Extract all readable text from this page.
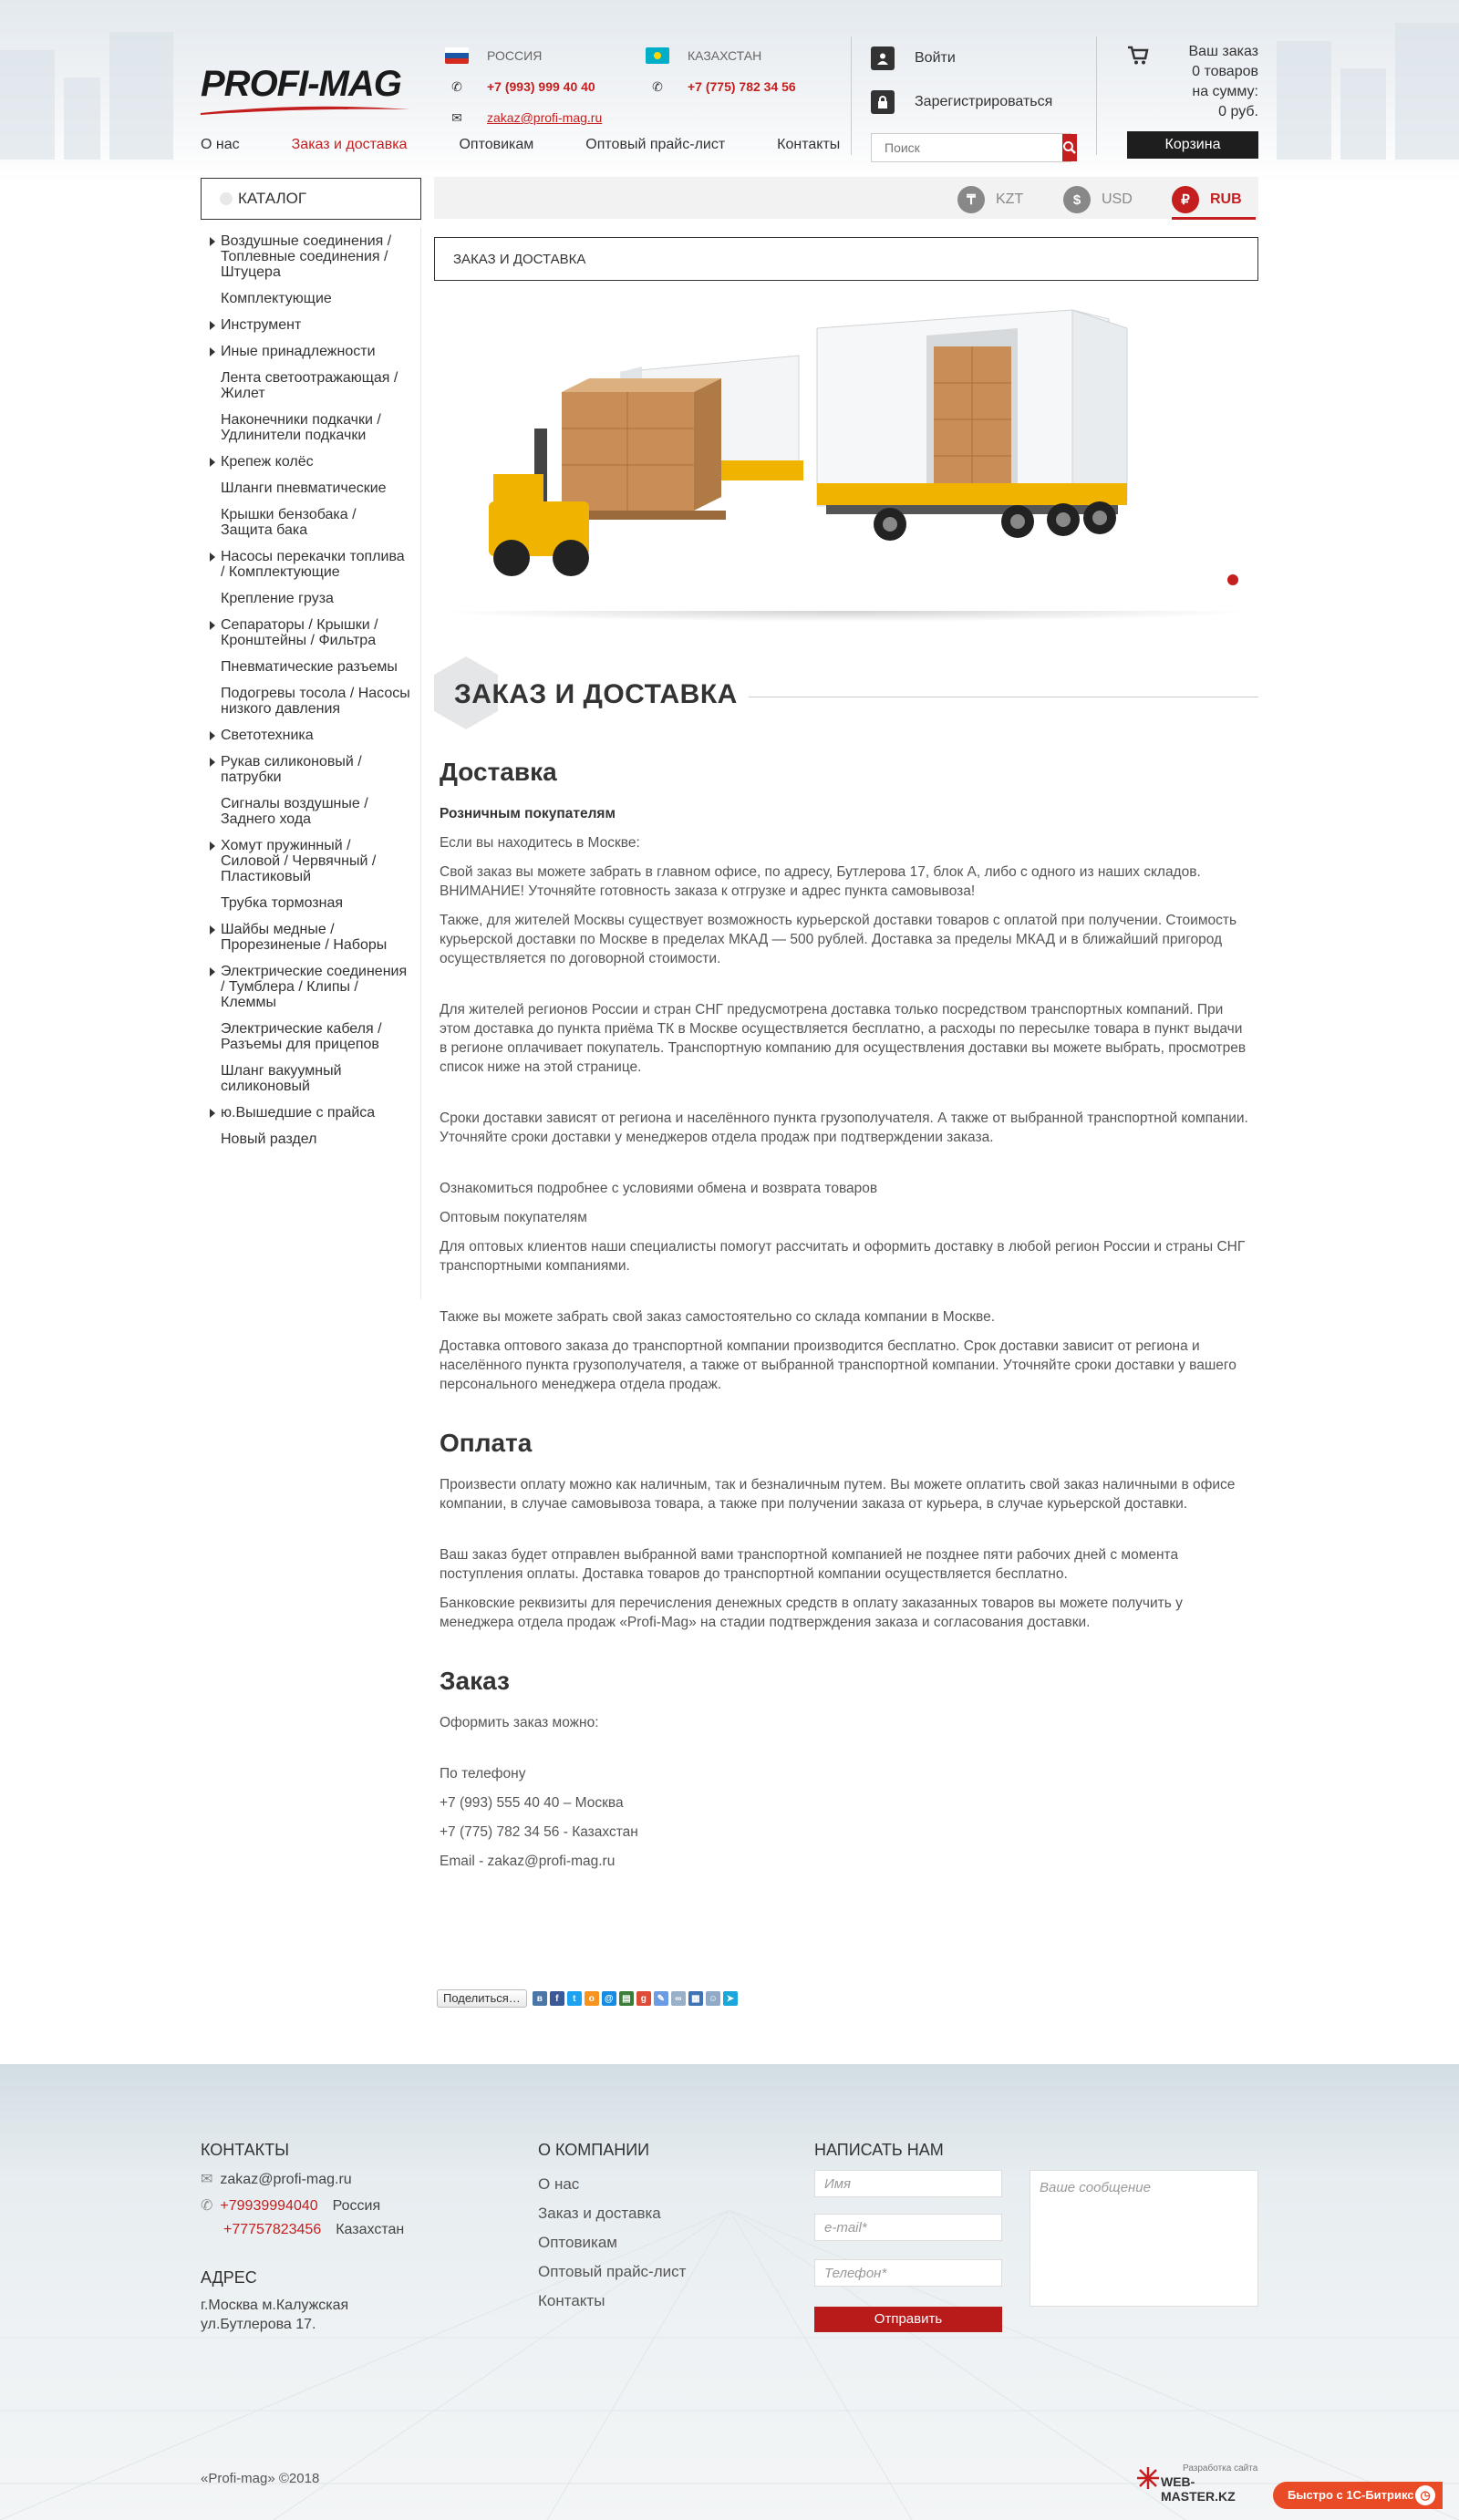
PROFI-MAG
РОССИЯ
✆	+7 (993) 999 40 40
✉	zakaz@profi-mag.ru
КАЗАХСТАН
✆	+7 (775) 782 34 56
Войти
Зарегистрироваться
Ваш заказ
0 товаров
на сумму:
0 руб.
Корзина
О нас	Заказ и доставка	Оптовикам	Оптовый прайс-лист	Контакты
Поиск
КАТАЛОГ
Воздушные соединения / Топлевные соединения / Штуцера
Комплектующие
Инструмент
Иные принадлежности
Лента светоотражающая / Жилет
Наконечники подкачки / Удлинители подкачки
Крепеж колёс
Шланги пневматические
Крышки бензобака / Защита бака
Насосы перекачки топлива / Комплектующие
Крепление груза
Сепараторы / Крышки / Кронштейны / Фильтра
Пневматические разъемы
Подогревы тосола / Насосы низкого давления
Светотехника
Рукав силиконовый / патрубки
Сигналы воздушные / Заднего хода
Хомут пружинный / Силовой / Червячный / Пластиковый
Трубка тормозная
Шайбы медные / Прорезиненые / Наборы
Электрические соединения / Тумблера / Клипы / Клеммы
Электрические кабеля / Разъемы для прицепов
Шланг вакуумный силиконовый
ю.Вышедшие с прайса
Новый раздел
₸	KZT	$	USD	₽	RUB
ЗАКАЗ И ДОСТАВКА
ЗАКАЗ И ДОСТАВКА
Доставка

Розничным покупателям

Если вы находитесь в Москве:

Свой заказ вы можете забрать в главном офисе, по адресу, Бутлерова 17, блок А, либо с одного из наших складов. ВНИМАНИЕ! Уточняйте готовность заказа к отгрузке и адрес пункта самовывоза!

Также, для жителей Москвы существует возможность курьерской доставки товаров с оплатой при получении. Стоимость курьерской доставки по Москве в пределах МКАД — 500 рублей. Доставка за пределы МКАД и в ближайший пригород осуществляется по договорной стоимости.

Для жителей регионов России и стран СНГ предусмотрена доставка только посредством транспортных компаний. При этом доставка до пункта приёма ТК в Москве осуществляется бесплатно, а расходы по пересылке товара в пункт выдачи в регионе оплачивает покупатель. Транспортную компанию для осуществления доставки вы можете выбрать, просмотрев список ниже на этой странице.

Сроки доставки зависят от региона и населённого пункта грузополучателя. А также от выбранной транспортной компании. Уточняйте сроки доставки у менеджеров отдела продаж при подтверждении заказа.

Ознакомиться подробнее с условиями обмена и возврата товаров

Оптовым покупателям

Для оптовых клиентов наши специалисты помогут рассчитать и оформить доставку в любой регион России и страны СНГ транспортными компаниями.

Также вы можете забрать свой заказ самостоятельно со склада компании в Москве.

Доставка оптового заказа до транспортной компании производится бесплатно. Срок доставки зависит от региона и населённого пункта грузополучателя, а также от выбранной транспортной компании. Уточняйте сроки доставки у вашего персонального менеджера отдела продаж.

Оплата

Произвести оплату можно как наличным, так и безналичным путем. Вы можете оплатить свой заказ наличными в офисе компании, в случае самовывоза товара, а также при получении заказа от курьера, в случае курьерской доставки.

Ваш заказ будет отправлен выбранной вами транспортной компанией не позднее пяти рабочих дней с момента поступления оплаты. Доставка товаров до транспортной компании осуществляется бесплатно.

Банковские реквизиты для перечисления денежных средств в оплату заказанных товаров вы можете получить у менеджера отдела продаж «Profi-Mag» на стадии подтверждения заказа и согласования доставки.

Заказ

Оформить заказ можно:

По телефону

+7 (993) 555 40 40 – Москва

+7 (775) 782 34 56 - Казахстан

Email - zakaz@profi-mag.ru

Поделиться…	в	f	t	о	@ ▤	g	✎	∞	▦ ☺ ➤
КОНТАКТЫ
✉ zakaz@profi-mag.ru
✆ +79939994040 Россия
+77757823456 Казахстан
АДРЕС
г.Москва м.Калужская
ул.Бутлерова 17.
О КОМПАНИИ
О нас
Заказ и доставка
Оптовикам
Оптовый прайс-лист
Контакты
НАПИСАТЬ НАМ
Имя
e-mail*
Телефон*
Ваше сообщение
Отправить
«Profi-mag» ©2018
Разработка сайта
WEB-MASTER.KZ	Быстро с 1С-Битрикс ◷
